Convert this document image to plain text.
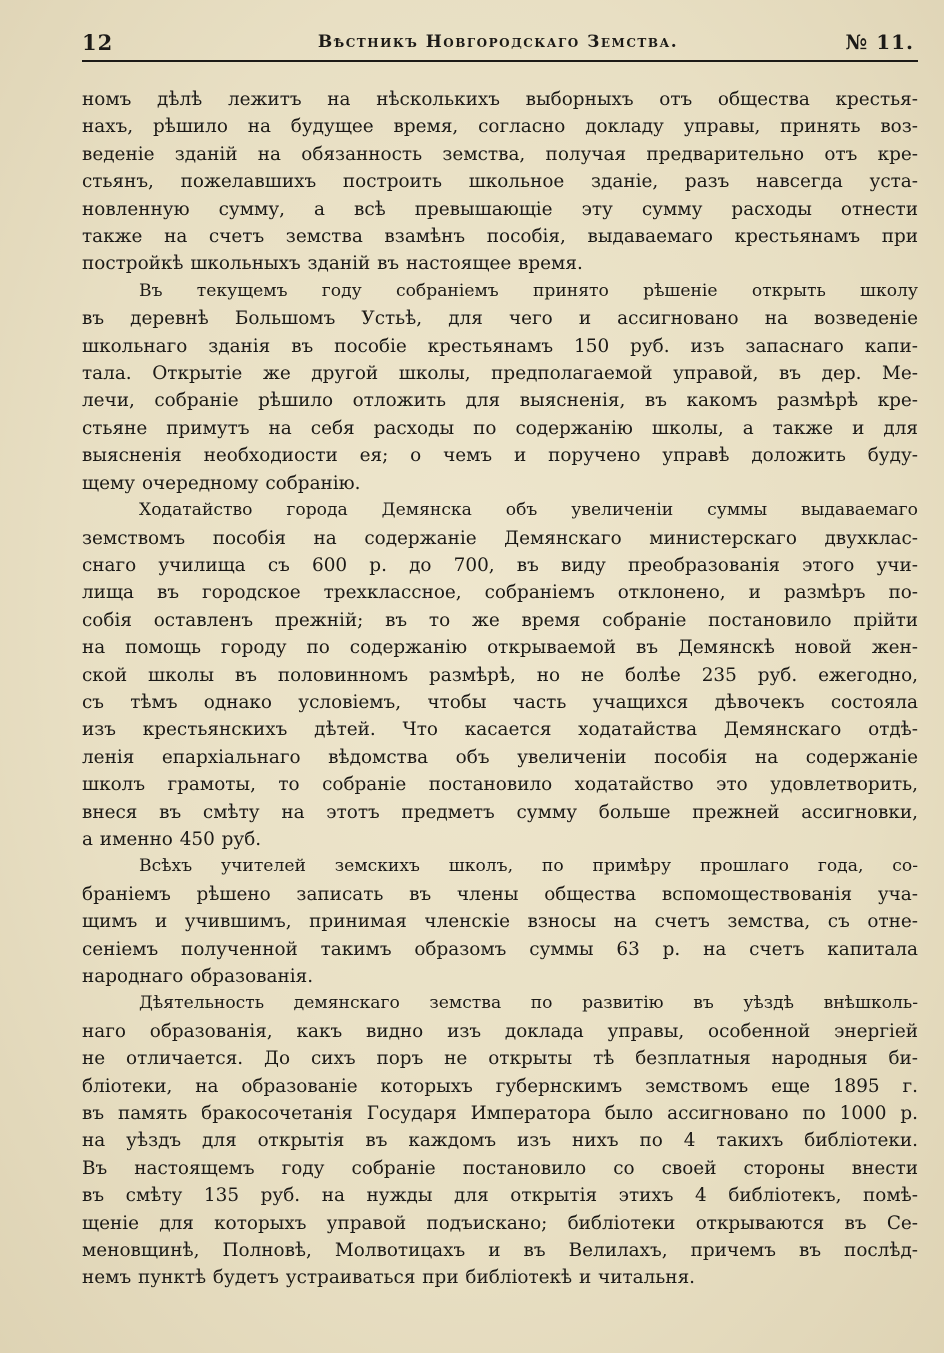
12	Вѣстникъ Новгородскаго Земства.	№ 11.
номъ дѣлѣ лежитъ на нѣсколькихъ выборныхъ отъ общества крестья-
нахъ, рѣшило на будущее время, согласно докладу управы, принять воз-
веденіе зданій на обязанность земства, получая предварительно отъ кре-
стьянъ, пожелавшихъ построить школьное зданіе, разъ навсегда уста-
новленную сумму, а всѣ превышающіе эту сумму расходы отнести
также на счетъ земства взамѣнъ пособія, выдаваемаго крестьянамъ при
постройкѣ школьныхъ зданій въ настоящее время.
Въ текущемъ году собраніемъ принято рѣшеніе открыть школу
въ деревнѣ Большомъ Устьѣ, для чего и ассигновано на возведеніе
школьнаго зданія въ пособіе крестьянамъ 150 руб. изъ запаснаго капи-
тала. Открытіе же другой школы, предполагаемой управой, въ дер. Ме-
лечи, собраніе рѣшило отложить для выясненія, въ какомъ размѣрѣ кре-
стьяне примутъ на себя расходы по содержанію школы, а также и для
выясненія необходиости ея; о чемъ и поручено управѣ доложить буду-
щему очередному собранію.
Ходатайство города Демянска объ увеличеніи суммы выдаваемаго
земствомъ пособія на содержаніе Демянскаго министерскаго двухклас-
снаго училища съ 600 р. до 700, въ виду преобразованія этого учи-
лища въ городское трехклассное, собраніемъ отклонено, и размѣръ по-
собія оставленъ прежній; въ то же время собраніе постановило прійти
на помощь городу по содержанію открываемой въ Демянскѣ новой жен-
ской школы въ половинномъ размѣрѣ, но не болѣе 235 руб. ежегодно,
съ тѣмъ однако условіемъ, чтобы часть учащихся дѣвочекъ состояла
изъ крестьянскихъ дѣтей. Что касается ходатайства Демянскаго отдѣ-
ленія епархіальнаго вѣдомства объ увеличеніи пособія на содержаніе
школъ грамоты, то собраніе постановило ходатайство это удовлетворить,
внеся въ смѣту на этотъ предметъ сумму больше прежней ассигновки,
а именно 450 руб.
Всѣхъ учителей земскихъ школъ, по примѣру прошлаго года, со-
браніемъ рѣшено записать въ члены общества вспомоществованія уча-
щимъ и учившимъ, принимая членскіе взносы на счетъ земства, съ отне-
сеніемъ полученной такимъ образомъ суммы 63 р. на счетъ капитала
народнаго образованія.
Дѣятельность демянскаго земства по развитію въ уѣздѣ внѣшколь-
наго образованія, какъ видно изъ доклада управы, особенной энергіей
не отличается. До сихъ поръ не открыты тѣ безплатныя народныя би-
бліотеки, на образованіе которыхъ губернскимъ земствомъ еще 1895 г.
въ память бракосочетанія Государя Императора было ассигновано по 1000 р.
на уѣздъ для открытія въ каждомъ изъ нихъ по 4 такихъ библіотеки.
Въ настоящемъ году собраніе постановило со своей стороны внести
въ смѣту 135 руб. на нужды для открытія этихъ 4 библіотекъ, помѣ-
щеніе для которыхъ управой подъискано; библіотеки открываются въ Се-
меновщинѣ, Полновѣ, Молвотицахъ и въ Велилахъ, причемъ въ послѣд-
немъ пунктѣ будетъ устраиваться при библіотекѣ и читальня.
